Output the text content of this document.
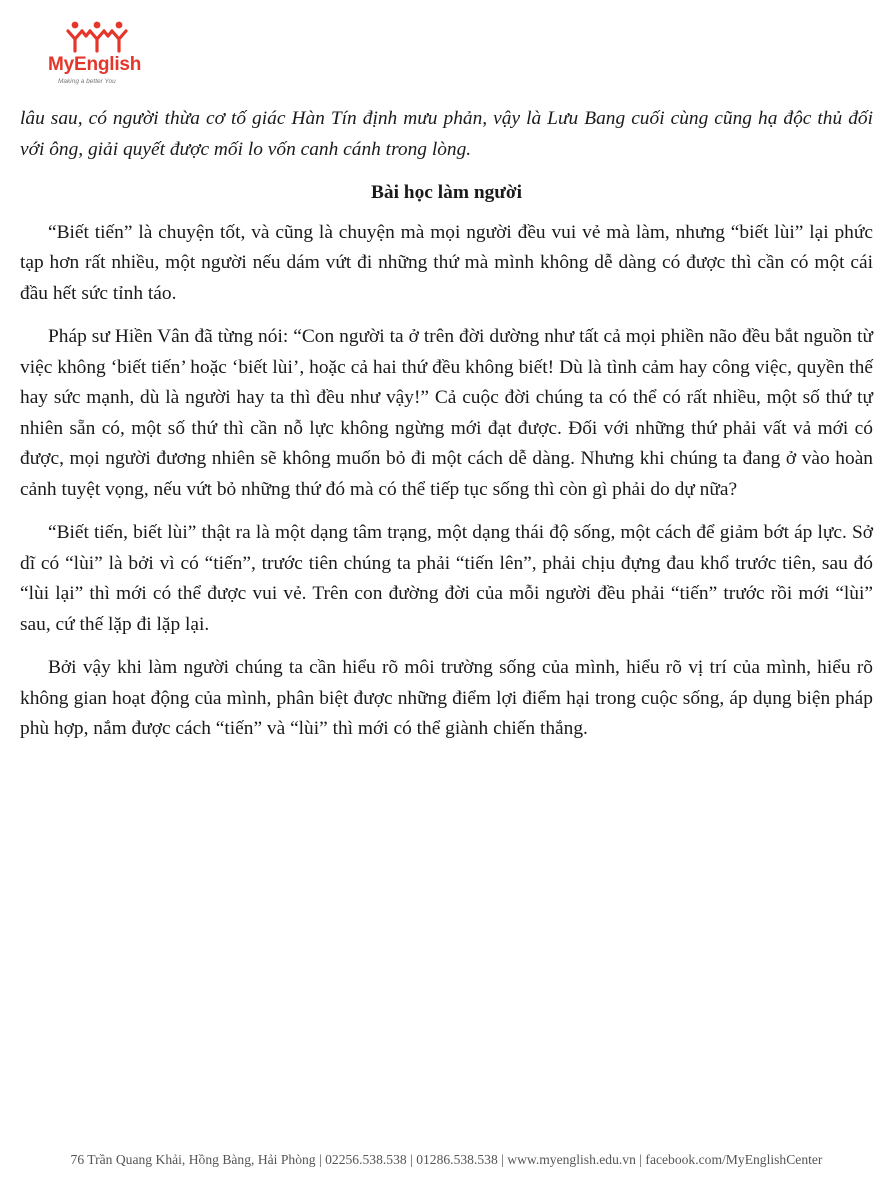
MyEnglish
Making a better You

lâu sau, có người thừa cơ tố giác Hàn Tín định mưu phản, vậy là Lưu Bang cuối cùng cũng hạ độc thủ đối với ông, giải quyết được mối lo vốn canh cánh trong lòng.

Bài học làm người

“Biết tiến” là chuyện tốt, và cũng là chuyện mà mọi người đều vui vẻ mà làm, nhưng “biết lùi” lại phức tạp hơn rất nhiều, một người nếu dám vứt đi những thứ mà mình không dễ dàng có được thì cần có một cái đầu hết sức tỉnh táo.

Pháp sư Hiền Vân đã từng nói: “Con người ta ở trên đời dường như tất cả mọi phiền não đều bắt nguồn từ việc không ‘biết tiến’ hoặc ‘biết lùi’, hoặc cả hai thứ đều không biết! Dù là tình cảm hay công việc, quyền thế hay sức mạnh, dù là người hay ta thì đều như vậy!” Cả cuộc đời chúng ta có thể có rất nhiều, một số thứ tự nhiên sẵn có, một số thứ thì cần nỗ lực không ngừng mới đạt được. Đối với những thứ phải vất vả mới có được, mọi người đương nhiên sẽ không muốn bỏ đi một cách dễ dàng. Nhưng khi chúng ta đang ở vào hoàn cảnh tuyệt vọng, nếu vứt bỏ những thứ đó mà có thể tiếp tục sống thì còn gì phải do dự nữa?

“Biết tiến, biết lùi” thật ra là một dạng tâm trạng, một dạng thái độ sống, một cách để giảm bớt áp lực. Sở dĩ có “lùi” là bởi vì có “tiến”, trước tiên chúng ta phải “tiến lên”, phải chịu đựng đau khổ trước tiên, sau đó “lùi lại” thì mới có thể được vui vẻ. Trên con đường đời của mỗi người đều phải “tiến” trước rồi mới “lùi” sau, cứ thế lặp đi lặp lại.

Bởi vậy khi làm người chúng ta cần hiểu rõ môi trường sống của mình, hiểu rõ vị trí của mình, hiểu rõ không gian hoạt động của mình, phân biệt được những điểm lợi điểm hại trong cuộc sống, áp dụng biện pháp phù hợp, nắm được cách “tiến” và “lùi” thì mới có thể giành chiến thắng.

76 Trần Quang Khải, Hồng Bàng, Hải Phòng | 02256.538.538 | 01286.538.538 | www.myenglish.edu.vn | facebook.com/MyEnglishCenter
